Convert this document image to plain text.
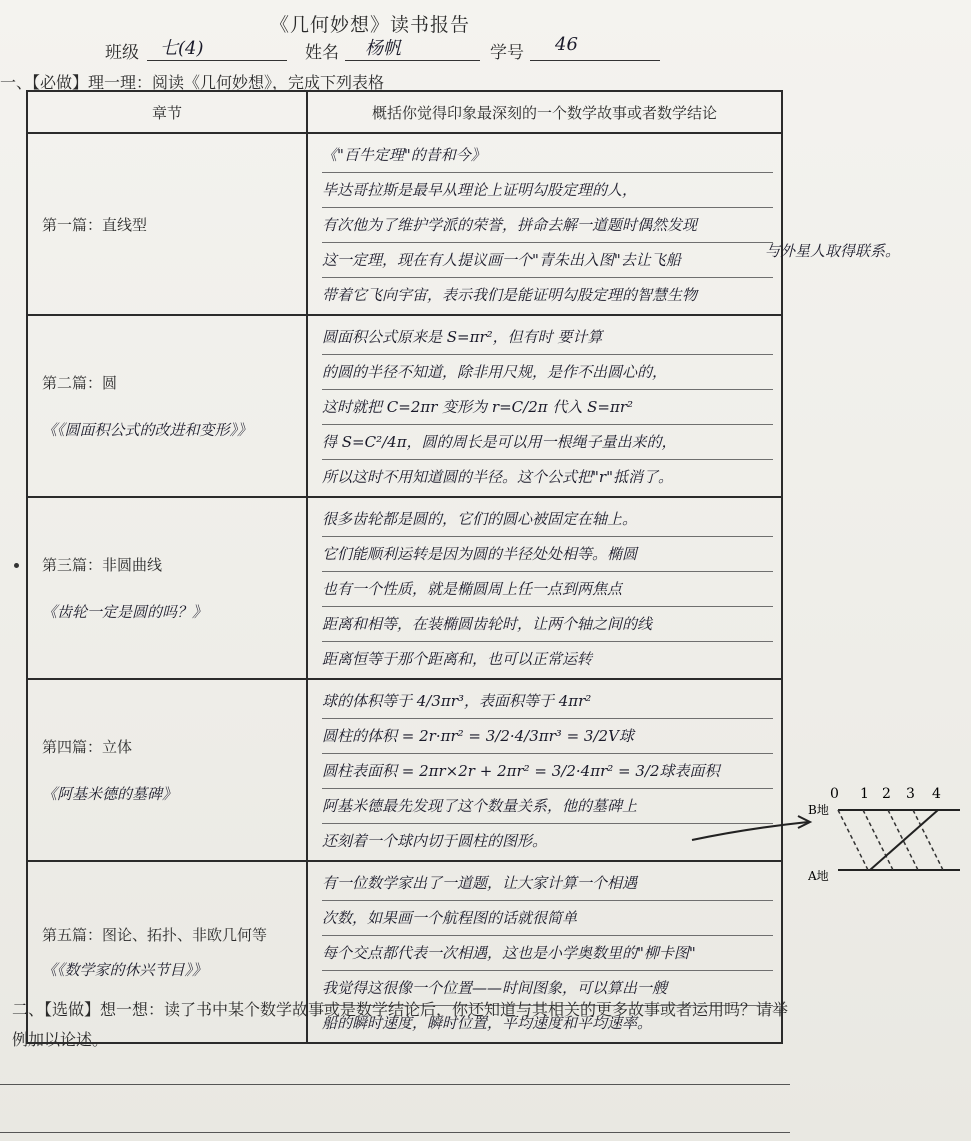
《几何妙想》读书报告
班级 七(4)	姓名 杨帆	学号 46
一、【必做】理一理：阅读《几何妙想》，完成下列表格
章节	概括你觉得印象最深刻的一个数学故事或者数学结论

第一篇：直线型	《"百牛定理"的昔和今》
毕达哥拉斯是最早从理论上证明勾股定理的人，
有次他为了维护学派的荣誉，拼命去解一道题时偶然发现
这一定理，现在有人提议画一个"青朱出入图"去让飞船
带着它飞向宇宙，表示我们是能证明勾股定理的智慧生物

第二篇：圆
《《圆面积公式的改进和变形》》	圆面积公式原来是 S=πr²，但有时 要计算
的圆的半径不知道，除非用尺规，是作不出圆心的，
这时就把 C=2πr 变形为 r=C/2π 代入 S=πr²
得 S=C²/4π，圆的周长是可以用一根绳子量出来的，
所以这时不用知道圆的半径。这个公式把"r"抵消了。

第三篇：非圆曲线
《齿轮一定是圆的吗？》	很多齿轮都是圆的，它们的圆心被固定在轴上。
它们能顺利运转是因为圆的半径处处相等。椭圆
也有一个性质，就是椭圆周上任一点到两焦点
距离和相等，在装椭圆齿轮时，让两个轴之间的线
距离恒等于那个距离和，也可以正常运转

第四篇：立体
《阿基米德的墓碑》	球的体积等于 4/3πr³，表面积等于 4πr²
圆柱的体积 = 2r·πr² = 3/2·4/3πr³ = 3/2V球
圆柱表面积 = 2πr×2r + 2πr² = 3/2·4πr² = 3/2球表面积
阿基米德最先发现了这个数量关系，他的墓碑上
还刻着一个球内切于圆柱的图形。

第五篇：图论、拓扑、非欧几何等
《《数学家的休兴节目》》	有一位数学家出了一道题，让大家计算一个相遇
次数，如果画一个航程图的话就很简单
每个交点都代表一次相遇，这也是小学奥数里的"柳卡图"
我觉得这很像一个位置——时间图象，可以算出一艘
船的瞬时速度，瞬时位置，平均速度和平均速率。
与外星人取得联系。
0 1 2 3 4
B地
A地
二、【选做】想一想：读了书中某个数学故事或是数学结论后，你还知道与其相关的更多故事或者运用吗？请举例加以论述。
